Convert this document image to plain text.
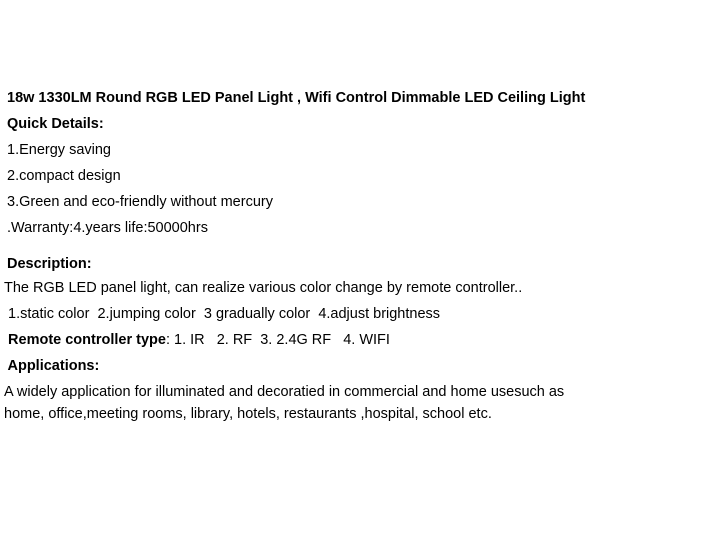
18w 1330LM Round RGB LED Panel Light , Wifi Control Dimmable LED Ceiling Light
Quick Details:
1.Energy saving
2.compact design
3.Green and eco-friendly without mercury
.Warranty:4.years life:50000hrs
Description:
The RGB LED panel light, can realize various color change by remote controller..
1.static color  2.jumping color  3 gradually color  4.adjust brightness
Remote controller type: 1. IR   2. RF  3. 2.4G RF   4. WIFI
Applications:
A widely application for illuminated and decoratied in commercial and home usesuch as
home, office,meeting rooms, library, hotels, restaurants ,hospital, school etc.
